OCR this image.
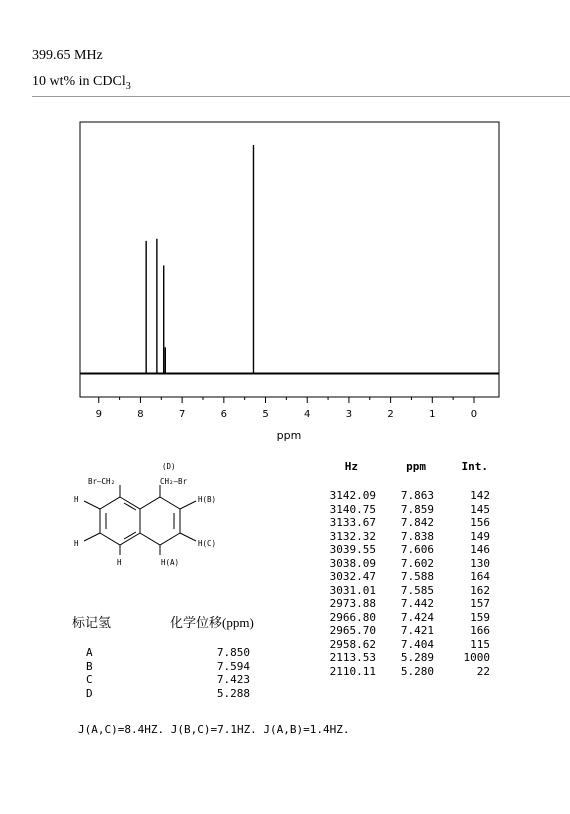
399.65 MHz
10 wt% in CDCl$_3$
9	8	7	6	5	4	3	2	1	0
ppm
(D)
Br—CH₂	CH₂—Br
H
H
H
H(B)
H(C)
H(A)
标记氢	化学位移(ppm)
A	7.850
B	7.594
C	7.423
D	5.288
Hz	ppm	Int.
3142.09	7.863	142
3140.75	7.859	145
3133.67	7.842	156
3132.32	7.838	149
3039.55	7.606	146
3038.09	7.602	130
3032.47	7.588	164
3031.01	7.585	162
2973.88	7.442	157
2966.80	7.424	159
2965.70	7.421	166
2958.62	7.404	115
2113.53	5.289	1000
2110.11	5.280	22
J(A,C)=8.4HZ. J(B,C)=7.1HZ. J(A,B)=1.4HZ.
